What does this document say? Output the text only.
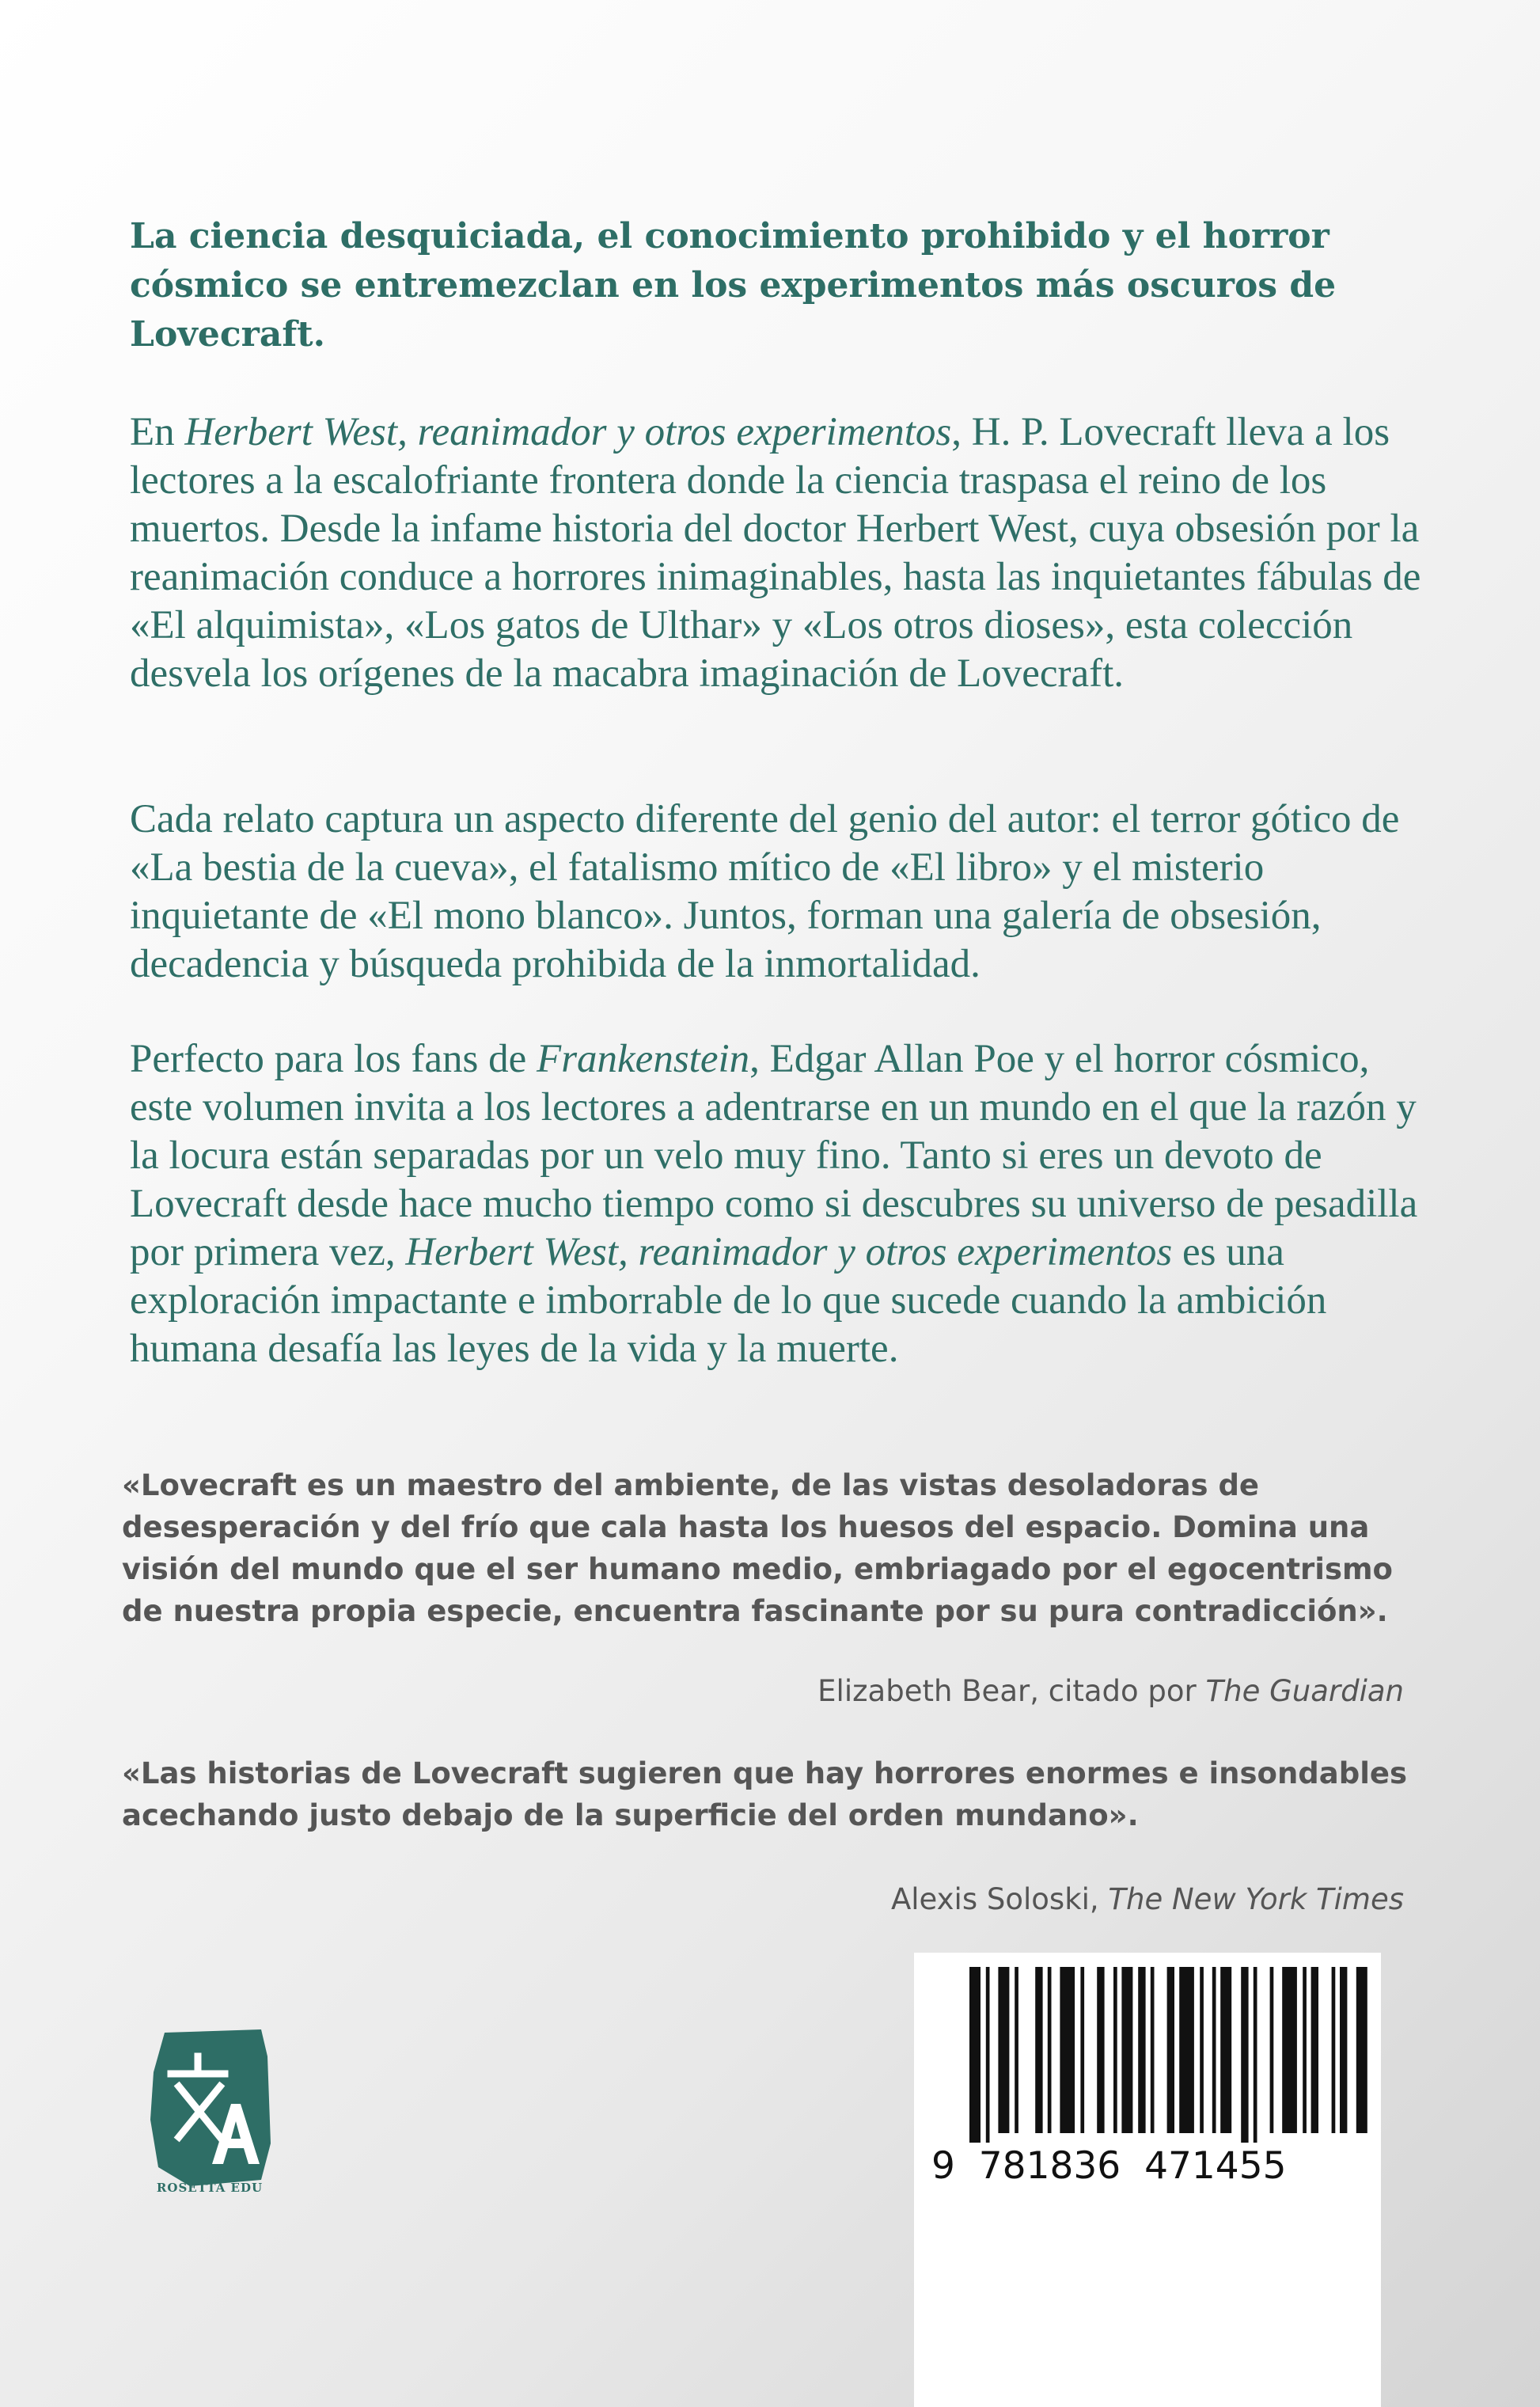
La ciencia desquiciada, el conocimiento prohibido y el horror cósmico se entremezclan en los experimentos más oscuros de Lovecraft.

En Herbert West, reanimador y otros experimentos, H. P. Lovecraft lleva a los lectores a la escalofriante frontera donde la ciencia traspasa el reino de los muertos. Desde la infame historia del doctor Herbert West, cuya obsesión por la reanimación conduce a horrores inimaginables, hasta las inquietantes fábulas de «El alquimista», «Los gatos de Ulthar» y «Los otros dioses», esta colección desvela los orígenes de la macabra imaginación de Lovecraft.

Cada relato captura un aspecto diferente del genio del autor: el terror gótico de «La bestia de la cueva», el fatalismo mítico de «El libro» y el misterio inquietante de «El mono blanco». Juntos, forman una galería de obsesión, decadencia y búsqueda prohibida de la inmortalidad.

Perfecto para los fans de Frankenstein, Edgar Allan Poe y el horror cósmico, este volumen invita a los lectores a adentrarse en un mundo en el que la razón y la locura están separadas por un velo muy fino. Tanto si eres un devoto de Lovecraft desde hace mucho tiempo como si descubres su universo de pesadilla por primera vez, Herbert West, reanimador y otros experimentos es una exploración impactante e imborrable de lo que sucede cuando la ambición humana desafía las leyes de la vida y la muerte.

«Lovecraft es un maestro del ambiente, de las vistas desoladoras de desesperación y del frío que cala hasta los huesos del espacio. Domina una visión del mundo que el ser humano medio, embriagado por el egocentrismo de nuestra propia especie, encuentra fascinante por su pura contradicción».

Elizabeth Bear, citado por The Guardian

«Las historias de Lovecraft sugieren que hay horrores enormes e insondables acechando justo debajo de la superficie del orden mundano».

Alexis Soloski, The New York Times
ROSETTA EDU	9  781836  471455
